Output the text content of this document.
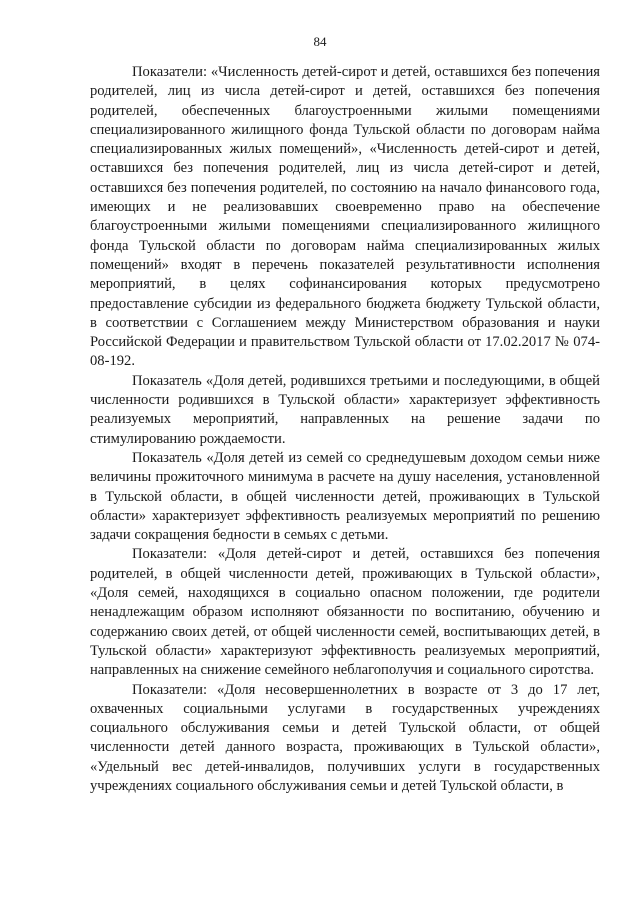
84

Показатели: «Численность детей-сирот и детей, оставшихся без попечения родителей, лиц из числа детей-сирот и детей, оставшихся без попечения родителей, обеспеченных благоустроенными жилыми помещениями специализированного жилищного фонда Тульской области по договорам найма специализированных жилых помещений», «Численность детей-сирот и детей, оставшихся без попечения родителей, лиц из числа детей-сирот и детей, оставшихся без попечения родителей, по состоянию на начало финансового года, имеющих и не реализовавших своевременно право на обеспечение благоустроенными жилыми помещениями специализированного жилищного фонда Тульской области по договорам найма специализированных жилых помещений» входят в перечень показателей результативности исполнения мероприятий, в целях софинансирования которых предусмотрено предоставление субсидии из федерального бюджета бюджету Тульской области, в соответствии с Соглашением между Министерством образования и науки Российской Федерации и правительством Тульской области от 17.02.2017 № 074-08-192.

Показатель «Доля детей, родившихся третьими и последующими, в общей численности родившихся в Тульской области» характеризует эффективность реализуемых мероприятий, направленных на решение задачи по стимулированию рождаемости.

Показатель «Доля детей из семей со среднедушевым доходом семьи ниже величины прожиточного минимума в расчете на душу населения, установленной в Тульской области, в общей численности детей, проживающих в Тульской области» характеризует эффективность реализуемых мероприятий по решению задачи сокращения бедности в семьях с детьми.

Показатели: «Доля детей-сирот и детей, оставшихся без попечения родителей, в общей численности детей, проживающих в Тульской области», «Доля семей, находящихся в социально опасном положении, где родители ненадлежащим образом исполняют обязанности по воспитанию, обучению и содержанию своих детей, от общей численности семей, воспитывающих детей, в Тульской области» характеризуют эффективность реализуемых мероприятий, направленных на снижение семейного неблагополучия и социального сиротства.

Показатели: «Доля несовершеннолетних в возрасте от 3 до 17 лет, охваченных социальными услугами в государственных учреждениях социального обслуживания семьи и детей Тульской области, от общей численности детей данного возраста, проживающих в Тульской области», «Удельный вес детей-инвалидов, получивших услуги в государственных учреждениях социального обслуживания семьи и детей Тульской области, в
